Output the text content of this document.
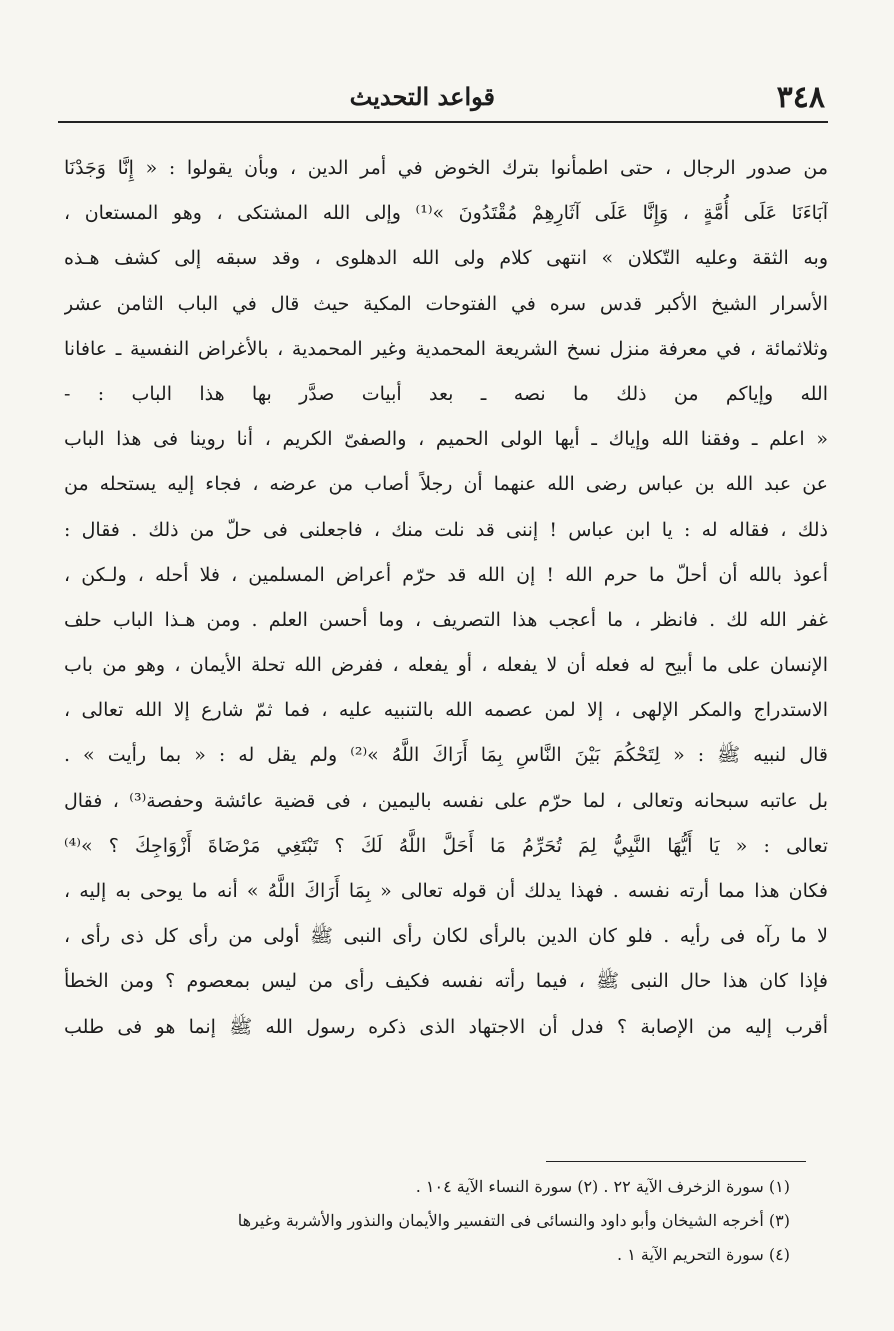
٣٤٨
قواعد التحديث
من صدور الرجال ، حتى اطمأنوا بترك الخوض في أمر الدين ، وبأن يقولوا : « إِنَّا وَجَدْنَا
آبَاءَنَا عَلَى أُمَّةٍ ، وَإِنَّا عَلَى آثَارِهِمْ مُقْتَدُونَ »⁽¹⁾ وإلى الله المشتكى ، وهو المستعان ،
وبه الثقة وعليه التّكلان » انتهى كلام ولى الله الدهلوى ، وقد سبقه إلى كشف هـذه
الأسرار الشيخ الأكبر قدس سره في الفتوحات المكية حيث قال في الباب الثامن عشر
وثلاثمائة ، في معرفة منزل نسخ الشريعة المحمدية وغير المحمدية ، بالأغراض النفسية ـ عافانا
الله وإياكم من ذلك ما نصه ـ بعد أبيات صدَّر بها هذا الباب : -
« اعلم ـ وفقنا الله وإياك ـ أيها الولى الحميم ، والصفىّ الكريم ، أنا روينا فى هذا الباب
عن عبد الله بن عباس رضى الله عنهما أن رجلاً أصاب من عرضه ، فجاء إليه يستحله من
ذلك ، فقاله له : يا ابن عباس ! إننى قد نلت منك ، فاجعلنى فى حلّ من ذلك . فقال :
أعوذ بالله أن أحلّ ما حرم الله ! إن الله قد حرّم أعراض المسلمين ، فلا أحله ، ولـكن ،
غفر الله لك . فانظر ، ما أعجب هذا التصريف ، وما أحسن العلم . ومن هـذا الباب حلف
الإنسان على ما أبيح له فعله أن لا يفعله ، أو يفعله ، ففرض الله تحلة الأيمان ، وهو من باب
الاستدراج والمكر الإلهى ، إلا لمن عصمه الله بالتنبيه عليه ، فما ثمّ شارع إلا الله تعالى ،
قال لنبيه ﷺ : « لِتَحْكُمَ بَيْنَ النَّاسِ بِمَا أَرَاكَ اللَّهُ »⁽²⁾ ولم يقل له : « بما رأيت » .
بل عاتبه سبحانه وتعالى ، لما حرّم على نفسه باليمين ، فى قضية عائشة وحفصة⁽³⁾ ، فقال
تعالى : « يَا أَيُّهَا النَّبِيُّ لِمَ تُحَرِّمُ مَا أَحَلَّ اللَّهُ لَكَ ؟ تَبْتَغِي مَرْضَاةَ أَزْوَاجِكَ ؟ »⁽⁴⁾
فكان هذا مما أرته نفسه . فهذا يدلك أن قوله تعالى « بِمَا أَرَاكَ اللَّهُ » أنه ما يوحى به إليه ،
لا ما رآه فى رأيه . فلو كان الدين بالرأى لكان رأى النبى ﷺ أولى من رأى كل ذى رأى ،
فإذا كان هذا حال النبى ﷺ ، فيما رأته نفسه فكيف رأى من ليس بمعصوم ؟ ومن الخطأ
أقرب إليه من الإصابة ؟ فدل أن الاجتهاد الذى ذكره رسول الله ﷺ إنما هو فى طلب
(١) سورة الزخرف الآية ٢٢ . (٢) سورة النساء الآية ١٠٤ .
(٣) أخرجه الشيخان وأبو داود والنسائى فى التفسير والأيمان والنذور والأشربة وغيرها
(٤) سورة التحريم الآية ١ .
